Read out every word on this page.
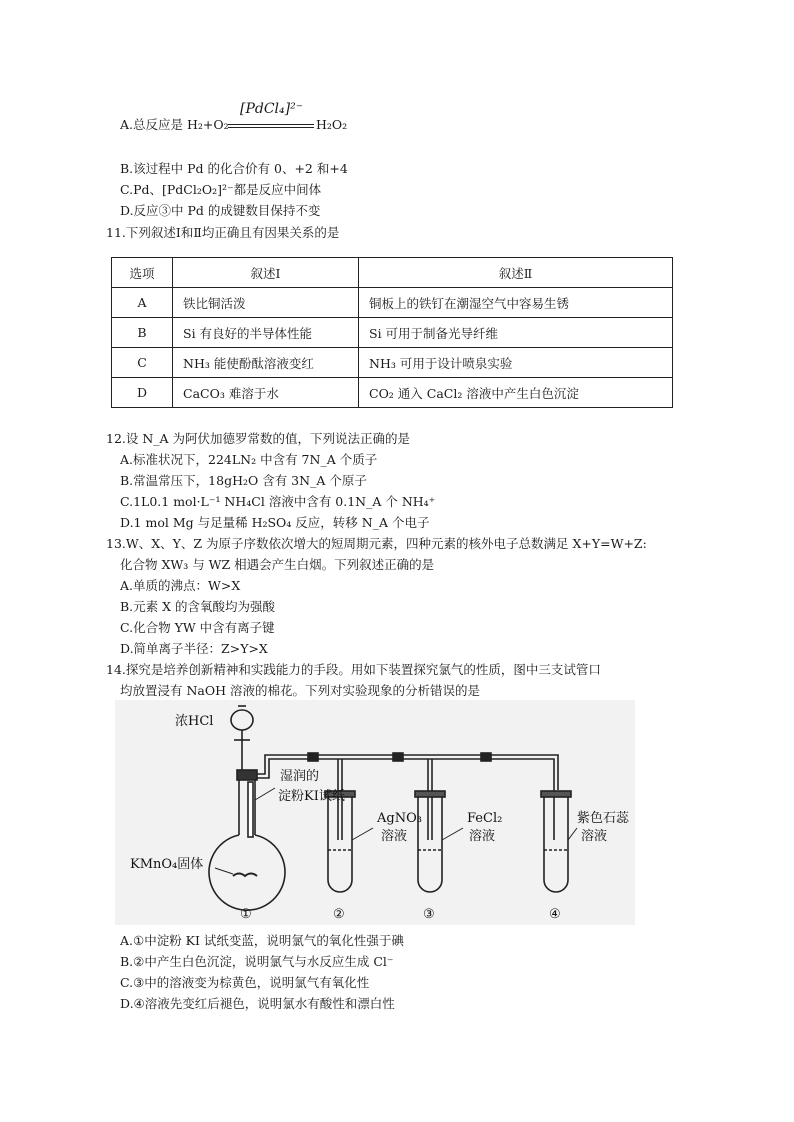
A.总反应是 H₂+O₂
[PdCl₄]²⁻
H₂O₂
B.该过程中 Pd 的化合价有 0、+2 和+4
C.Pd、[PdCl₂O₂]²⁻都是反应中间体
D.反应③中 Pd 的成键数目保持不变
11.下列叙述Ⅰ和Ⅱ均正确且有因果关系的是
选项	叙述Ⅰ	叙述Ⅱ
A	铁比铜活泼	铜板上的铁钉在潮湿空气中容易生锈
B	Si 有良好的半导体性能	Si 可用于制备光导纤维
C	NH₃ 能使酚酞溶液变红	NH₃ 可用于设计喷泉实验
D	CaCO₃ 难溶于水	CO₂ 通入 CaCl₂ 溶液中产生白色沉淀
12.设 N_A 为阿伏加德罗常数的值，下列说法正确的是
A.标准状况下，224LN₂ 中含有 7N_A 个质子
B.常温常压下，18gH₂O 含有 3N_A 个原子
C.1L0.1 mol·L⁻¹ NH₄Cl 溶液中含有 0.1N_A 个 NH₄⁺
D.1 mol Mg 与足量稀 H₂SO₄ 反应，转移 N_A 个电子
13.W、X、Y、Z 为原子序数依次增大的短周期元素，四种元素的核外电子总数满足 X+Y=W+Z:
化合物 XW₃ 与 WZ 相遇会产生白烟。下列叙述正确的是
A.单质的沸点：W>X
B.元素 X 的含氧酸均为强酸
C.化合物 YW 中含有离子键
D.简单离子半径：Z>Y>X
14.探究是培养创新精神和实践能力的手段。用如下装置探究氯气的性质，图中三支试管口
均放置浸有 NaOH 溶液的棉花。下列对实验现象的分析错误的是
浓HCl
湿润的
淀粉KI试纸
KMnO₄固体
AgNO₃
溶液
FeCl₂
溶液
紫色石蕊
溶液
①	②	③	④
A.①中淀粉 KI 试纸变蓝，说明氯气的氧化性强于碘
B.②中产生白色沉淀，说明氯气与水反应生成 Cl⁻
C.③中的溶液变为棕黄色，说明氯气有氧化性
D.④溶液先变红后褪色，说明氯水有酸性和漂白性
